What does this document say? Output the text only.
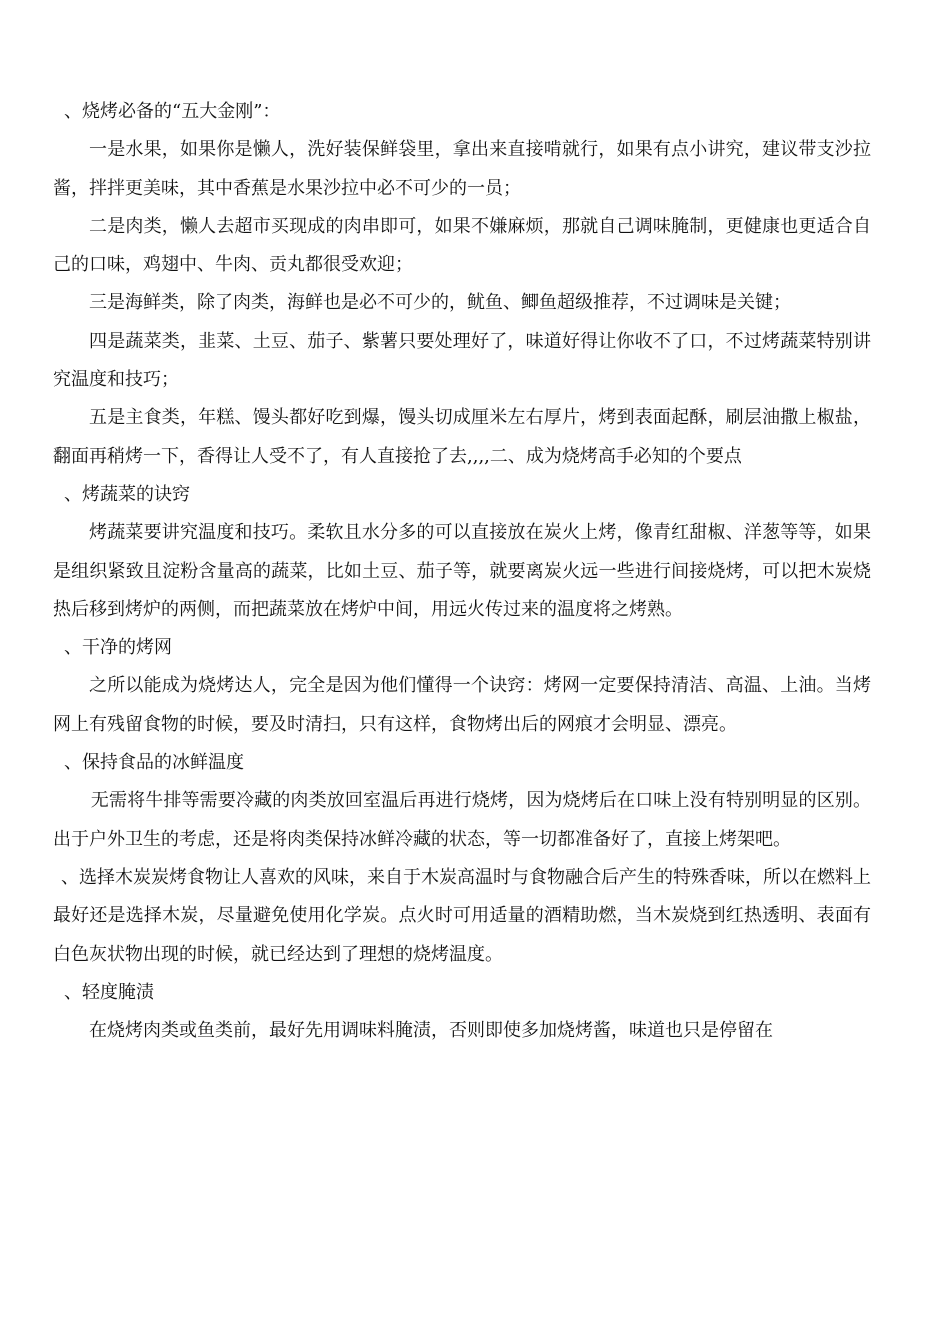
、烧烤必备的“五大金刚”：

一是水果，如果你是懒人，洗好装保鲜袋里，拿出来直接啃就行，如果有点小讲究，建议带支沙拉酱，拌拌更美味，其中香蕉是水果沙拉中必不可少的一员；

二是肉类，懒人去超市买现成的肉串即可，如果不嫌麻烦，那就自己调味腌制，更健康也更适合自己的口味，鸡翅中、牛肉、贡丸都很受欢迎；

三是海鲜类，除了肉类，海鲜也是必不可少的，鱿鱼、鲫鱼超级推荐，不过调味是关键；

四是蔬菜类，韭菜、土豆、茄子、紫薯只要处理好了，味道好得让你收不了口，不过烤蔬菜特别讲究温度和技巧；

五是主食类，年糕、馒头都好吃到爆，馒头切成厘米左右厚片，烤到表面起酥，刷层油撒上椒盐，翻面再稍烤一下，香得让人受不了，有人直接抢了去,,,,二、成为烧烤高手必知的个要点

、烤蔬菜的诀窍

烤蔬菜要讲究温度和技巧。柔软且水分多的可以直接放在炭火上烤，像青红甜椒、洋葱等等，如果是组织紧致且淀粉含量高的蔬菜，比如土豆、茄子等，就要离炭火远一些进行间接烧烤，可以把木炭烧热后移到烤炉的两侧，而把蔬菜放在烤炉中间，用远火传过来的温度将之烤熟。

、干净的烤网

之所以能成为烧烤达人，完全是因为他们懂得一个诀窍：烤网一定要保持清洁、高温、上油。当烤网上有残留食物的时候，要及时清扫，只有这样，食物烤出后的网痕才会明显、漂亮。

、保持食品的冰鲜温度

无需将牛排等需要冷藏的肉类放回室温后再进行烧烤，因为烧烤后在口味上没有特别明显的区别。出于户外卫生的考虑，还是将肉类保持冰鲜冷藏的状态，等一切都准备好了，直接上烤架吧。

、选择木炭炭烤食物让人喜欢的风味，来自于木炭高温时与食物融合后产生的特殊香味，所以在燃料上最好还是选择木炭，尽量避免使用化学炭。点火时可用适量的酒精助燃，当木炭烧到红热透明、表面有白色灰状物出现的时候，就已经达到了理想的烧烤温度。

、轻度腌渍

在烧烤肉类或鱼类前，最好先用调味料腌渍，否则即使多加烧烤酱，味道也只是停留在
